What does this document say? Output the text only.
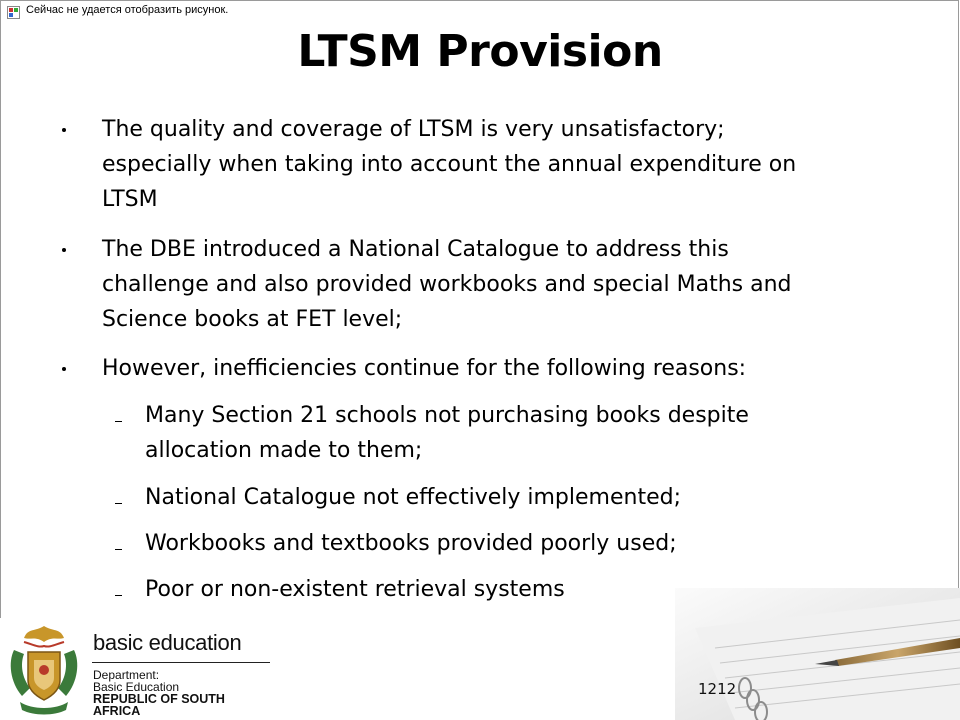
Сейчас не удается отобразить рисунок.
LTSM Provision
The quality and coverage of LTSM is very unsatisfactory;
especially when taking into account the annual expenditure on
LTSM
The DBE introduced a National Catalogue to address this
challenge and also provided workbooks and special Maths and
Science books at FET level;
However, inefficiencies continue for the following reasons:
Many Section 21 schools not purchasing books despite
allocation made to them;
National Catalogue not effectively implemented;
Workbooks and textbooks provided poorly used;
Poor or non-existent retrieval systems
1212
basic education
Department:
Basic Education
REPUBLIC OF SOUTH AFRICA
